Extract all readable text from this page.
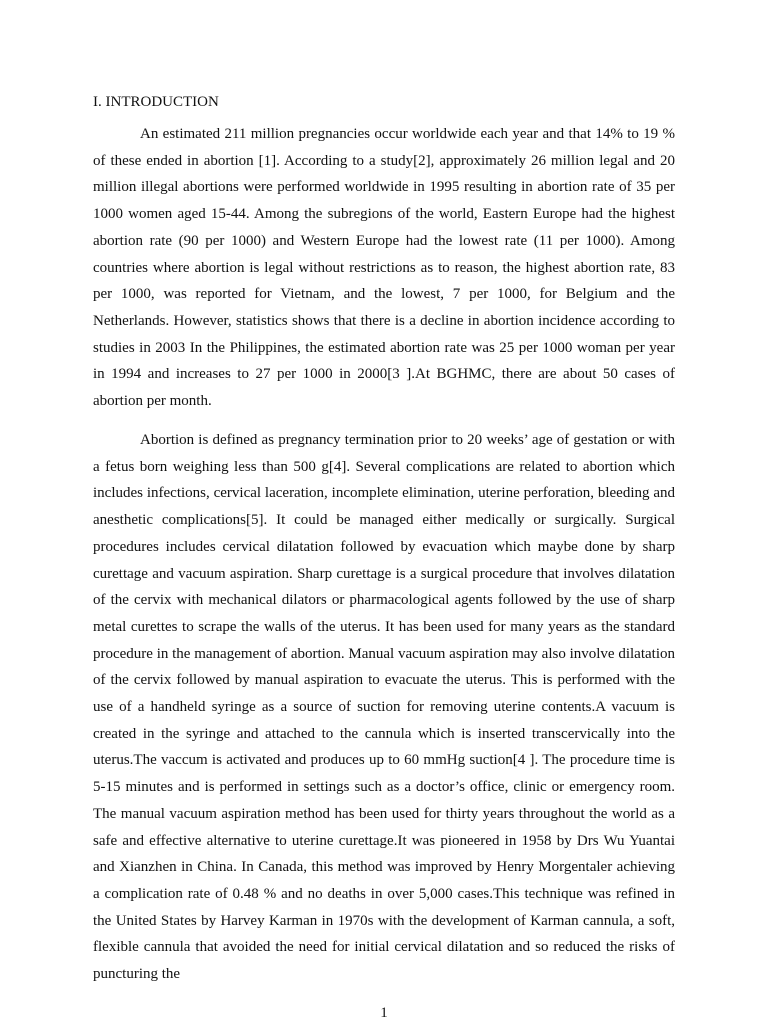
I. INTRODUCTION

An estimated 211 million pregnancies occur worldwide each year and that 14% to 19 % of these ended in abortion [1]. According to a study[2], approximately 26 million legal and 20 million illegal abortions were performed worldwide in 1995 resulting in abortion rate of 35 per 1000 women aged 15-44. Among the subregions of the world, Eastern Europe had the highest abortion rate (90 per 1000) and Western Europe had the lowest rate (11 per 1000). Among countries where abortion is legal without restrictions as to reason, the highest abortion rate, 83 per 1000, was reported for Vietnam, and the lowest, 7 per 1000, for Belgium and the Netherlands. However, statistics shows that there is a decline in abortion incidence according to studies in 2003 In the Philippines, the estimated abortion rate was 25 per 1000 woman per year in 1994 and increases to 27 per 1000 in 2000[3 ].At BGHMC, there are about 50 cases of abortion per month.

Abortion is defined as pregnancy termination prior to 20 weeks’ age of gestation or with a fetus born weighing less than 500 g[4]. Several complications are related to abortion which includes infections, cervical laceration, incomplete elimination, uterine perforation, bleeding and anesthetic complications[5]. It could be managed either medically or surgically. Surgical procedures includes cervical dilatation followed by evacuation which maybe done by sharp curettage and vacuum aspiration. Sharp curettage is a surgical procedure that involves dilatation of the cervix with mechanical dilators or pharmacological agents followed by the use of sharp metal curettes to scrape the walls of the uterus. It has been used for many years as the standard procedure in the management of abortion. Manual vacuum aspiration may also involve dilatation of the cervix followed by manual aspiration to evacuate the uterus. This is performed with the use of a handheld syringe as a source of suction for removing uterine contents.A vacuum is created in the syringe and attached to the cannula which is inserted transcervically into the uterus.The vaccum is activated and produces up to 60 mmHg suction[4 ]. The procedure time is 5-15 minutes and is performed in settings such as a doctor’s office, clinic or emergency room. The manual vacuum aspiration method has been used for thirty years throughout the world as a safe and effective alternative to uterine curettage.It was pioneered in 1958 by Drs Wu Yuantai and Xianzhen in China. In Canada, this method was improved by Henry Morgentaler achieving a complication rate of 0.48 % and no deaths in over 5,000 cases.This technique was refined in the United States by Harvey Karman in 1970s with the development of Karman cannula, a soft, flexible cannula that avoided the need for initial cervical dilatation and so reduced the risks of puncturing the

1
